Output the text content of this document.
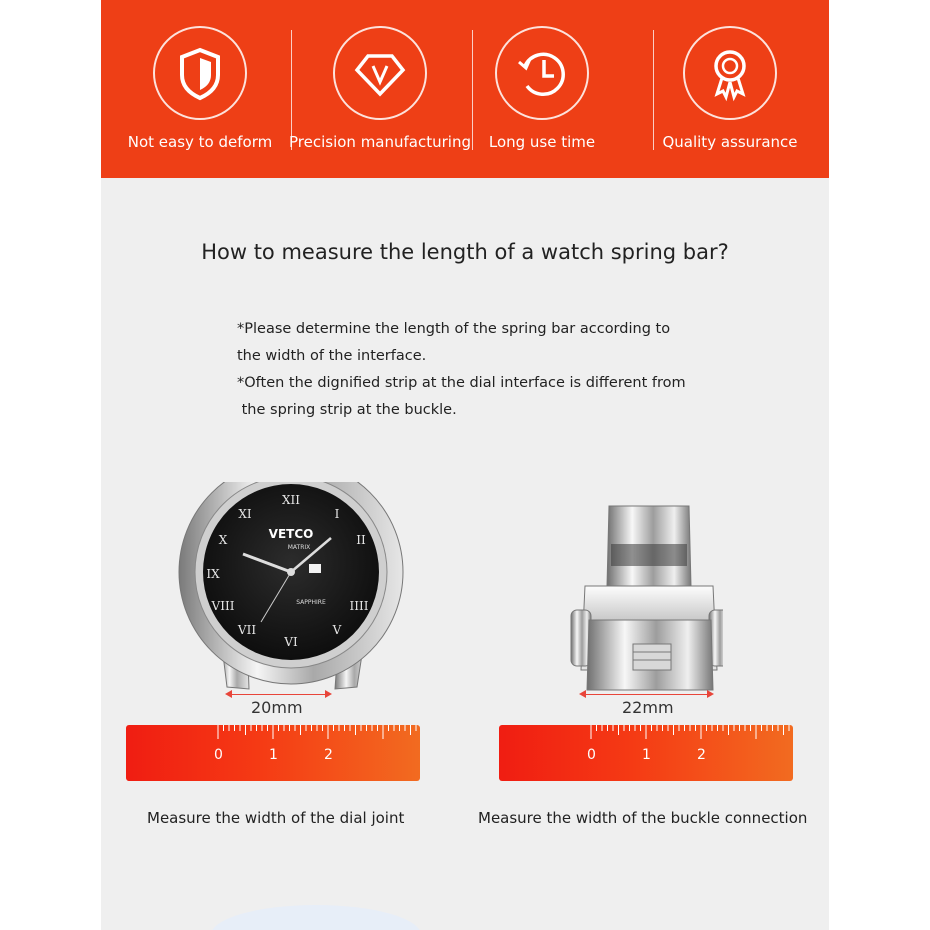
Not easy to deform	Precision manufacturing	Long use time	Quality assurance
How to measure the length of a watch spring bar?
*Please determine the length of the spring bar according to
the width of the interface.
*Often the dignified strip at the dial interface is different from
the spring strip at the buckle.
XII
I
II
X
IX
VIII
VII
VI
V
IIII
XI
VETCO
MATRIX
SAPPHIRE
20mm
0	1	2
Measure the width of the dial joint
22mm
0	1	2
Measure the width of the buckle connection
